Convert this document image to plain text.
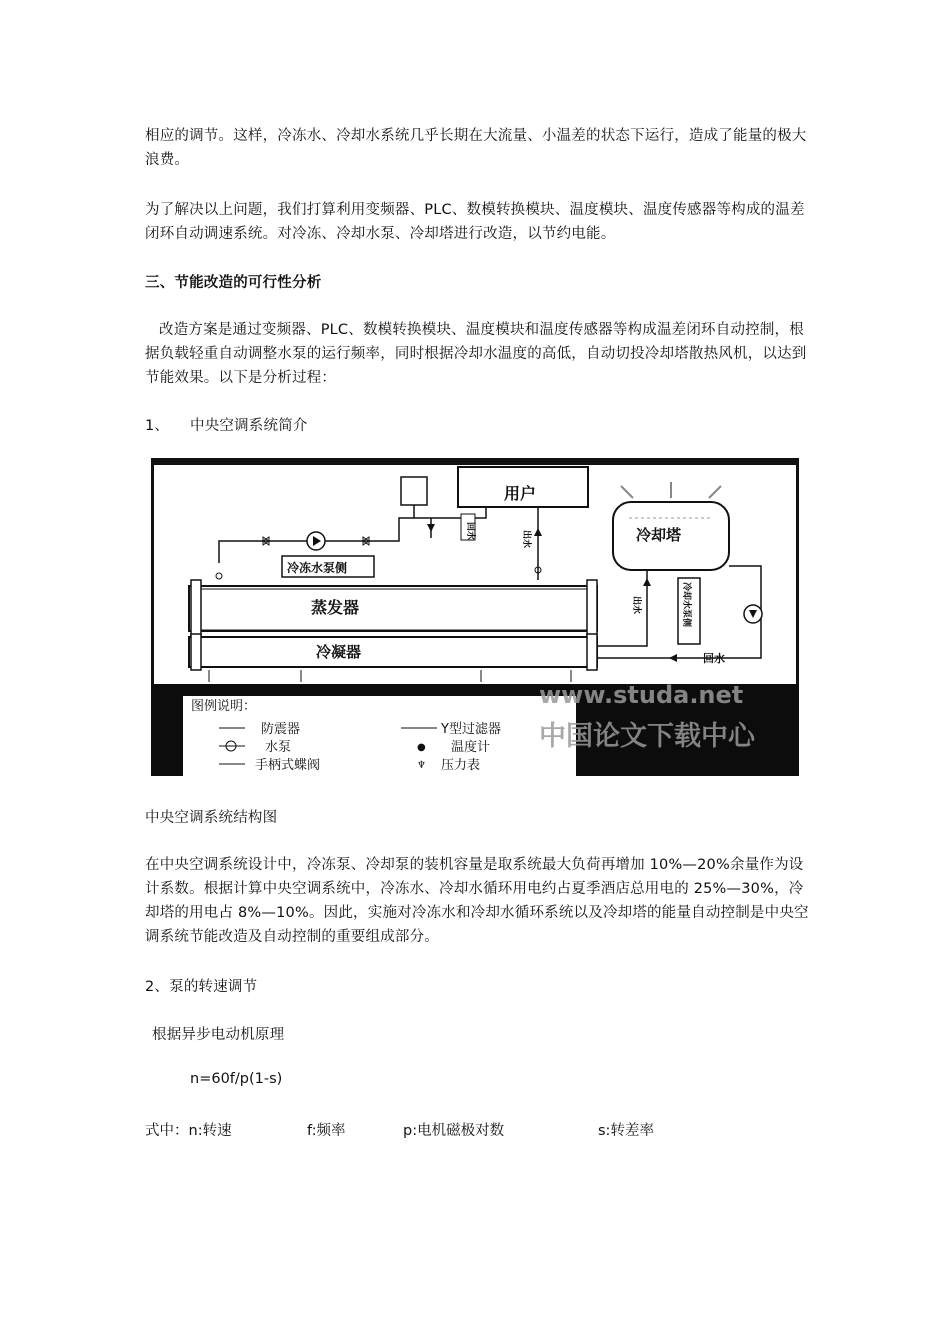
相应的调节。这样，冷冻水、冷却水系统几乎长期在大流量、小温差的状态下运行，造成了能量的极大浪费。
为了解决以上问题，我们打算利用变频器、PLC、数模转换模块、温度模块、温度传感器等构成的温差闭环自动调速系统。对冷冻、冷却水泵、冷却塔进行改造，以节约电能。
三、节能改造的可行性分析
改造方案是通过变频器、PLC、数模转换模块、温度模块和温度传感器等构成温差闭环自动控制，根据负载轻重自动调整水泵的运行频率，同时根据冷却水温度的高低，自动切投冷却塔散热风机，以达到节能效果。以下是分析过程：
1、	中央空调系统简介
用户
回水	出水
冷冻水泵侧
蒸发器
冷凝器
冷却塔
出水	冷却水泵侧
回水
图例说明：
防震器
水泵
手柄式蝶阀
Y型过滤器
● 温度计
♆ 压力表
www.studa.net
中国论文下载中心
中央空调系统结构图
在中央空调系统设计中，冷冻泵、冷却泵的装机容量是取系统最大负荷再增加 10%—20%余量作为设计系数。根据计算中央空调系统中，冷冻水、冷却水循环用电约占夏季酒店总用电的 25%—30%，冷却塔的用电占 8%—10%。因此，实施对冷冻水和冷却水循环系统以及冷却塔的能量自动控制是中央空调系统节能改造及自动控制的重要组成部分。
2、泵的转速调节
根据异步电动机原理
n=60f/p(1-s)
式中：n:转速	f:频率	p:电机磁极对数	s:转差率
